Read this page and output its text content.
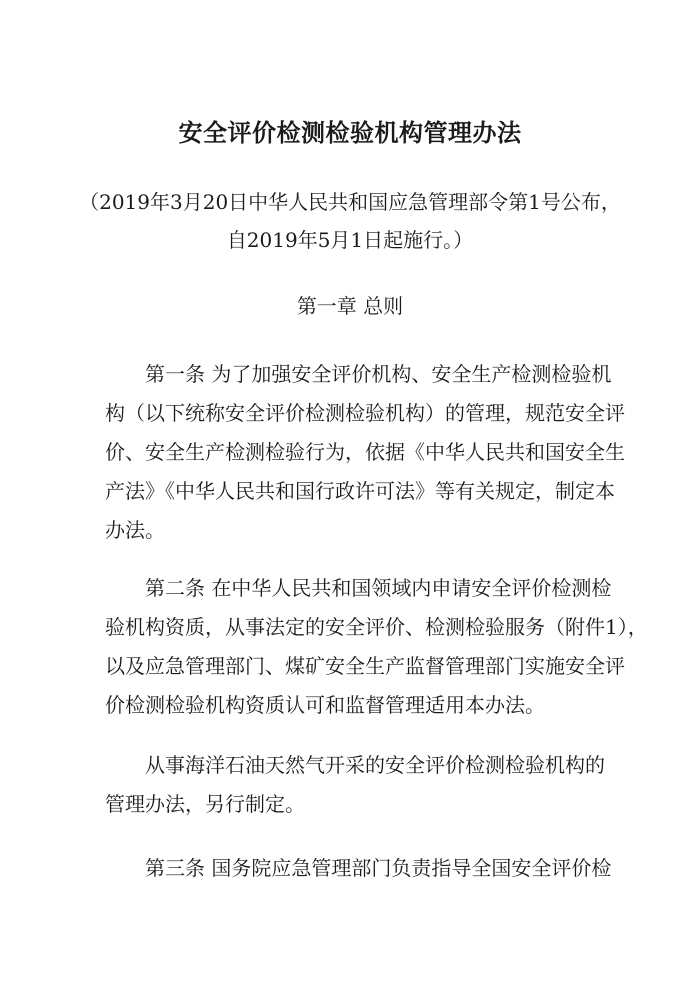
安全评价检测检验机构管理办法
（2019年3月20日中华人民共和国应急管理部令第1号公布，
自2019年5月1日起施行。）
第一章 总则
第一条 为了加强安全评价机构、安全生产检测检验机
构（以下统称安全评价检测检验机构）的管理，规范安全评
价、安全生产检测检验行为，依据《中华人民共和国安全生
产法》《中华人民共和国行政许可法》等有关规定，制定本
办法。
第二条 在中华人民共和国领域内申请安全评价检测检
验机构资质，从事法定的安全评价、检测检验服务（附件1），
以及应急管理部门、煤矿安全生产监督管理部门实施安全评
价检测检验机构资质认可和监督管理适用本办法。
从事海洋石油天然气开采的安全评价检测检验机构的
管理办法，另行制定。
第三条 国务院应急管理部门负责指导全国安全评价检
